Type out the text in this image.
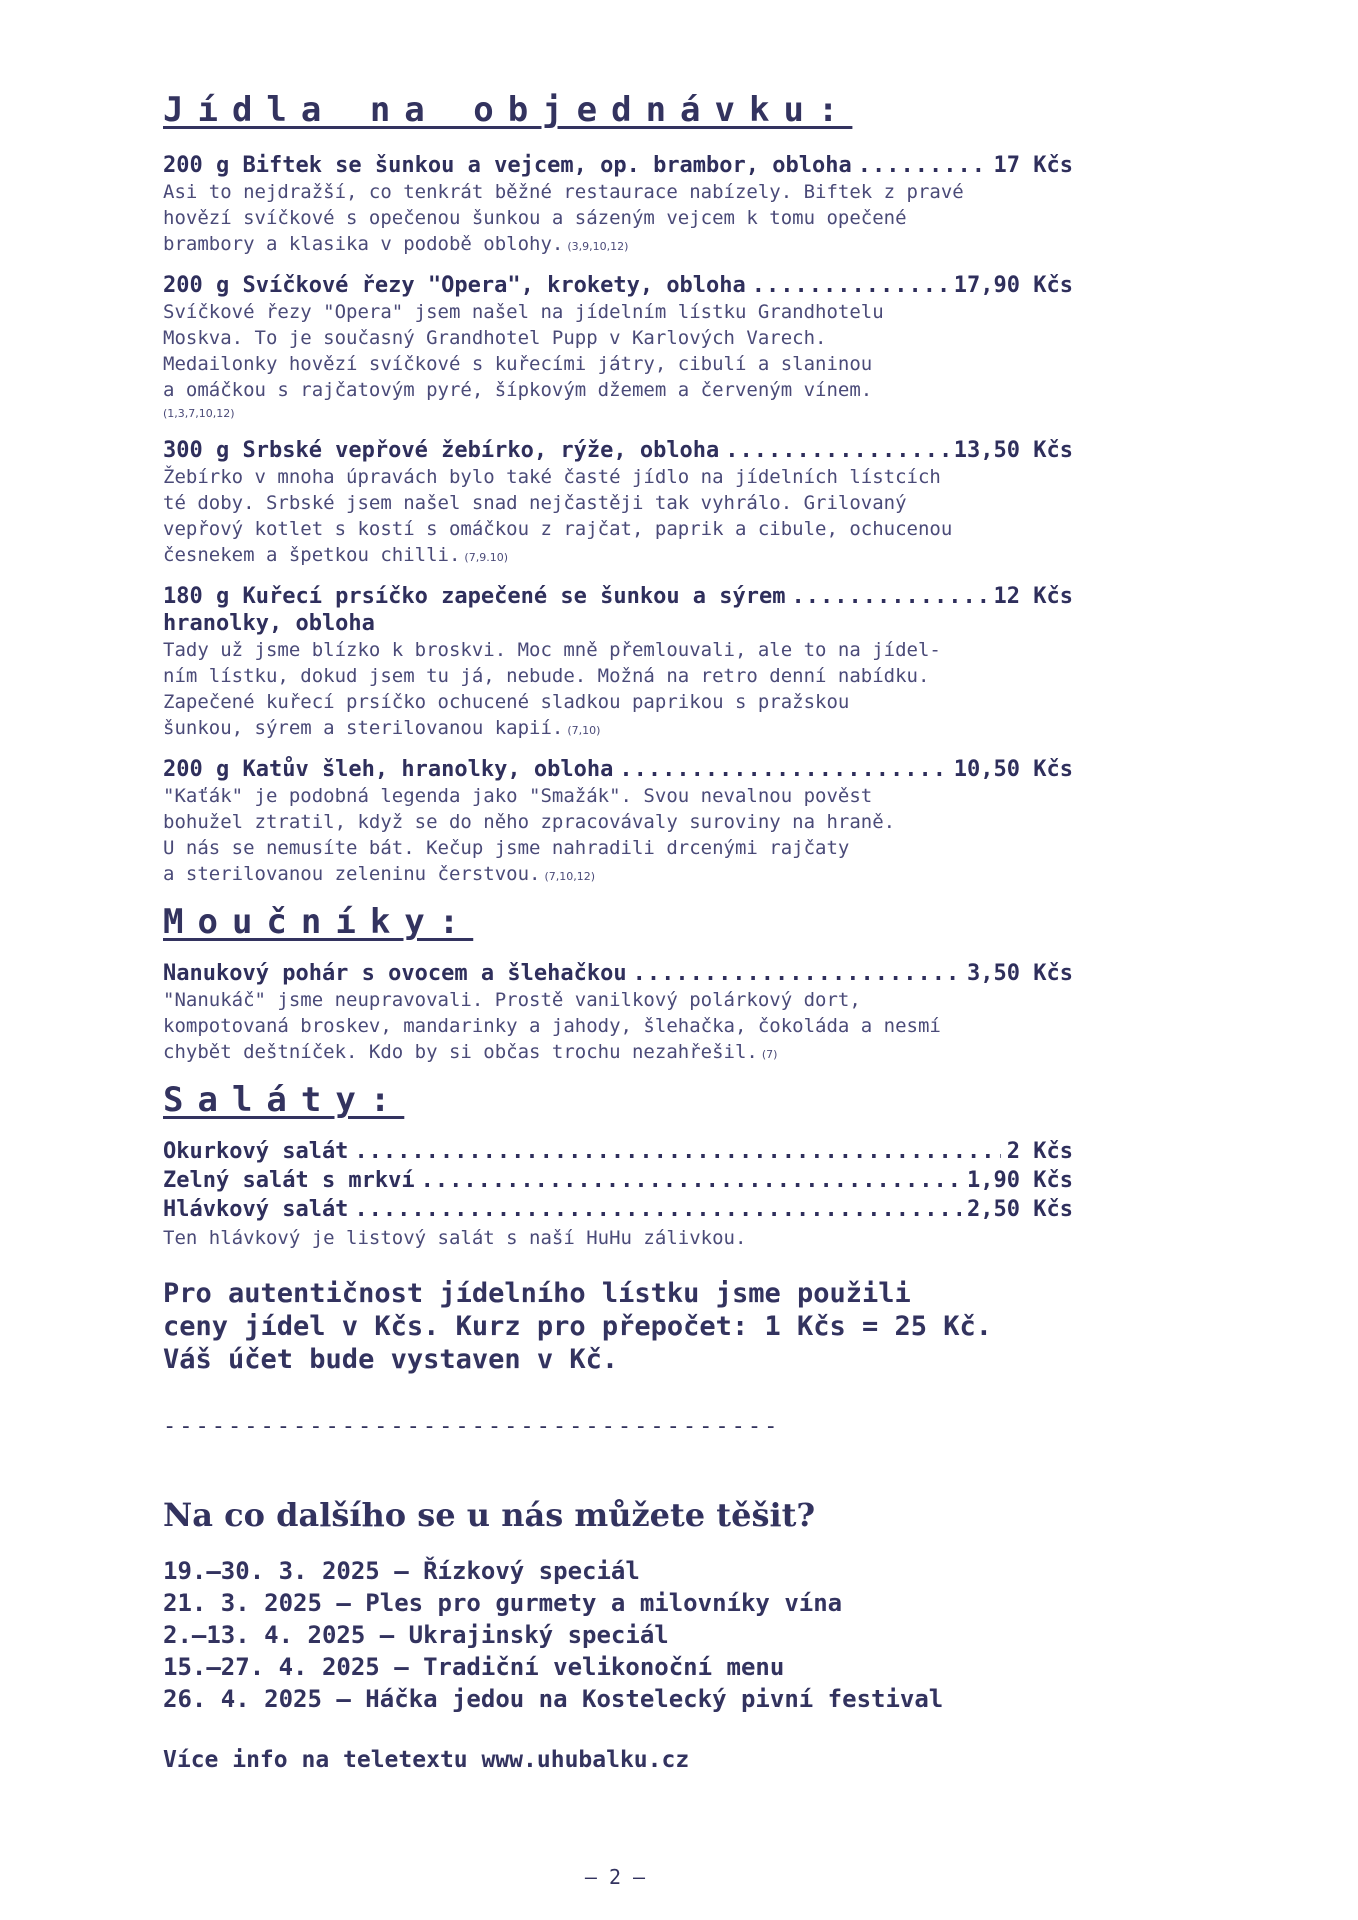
Jídla na objednávku:
200 g Biftek se šunkou a vejcem, op. brambor, obloha .....	17 Kčs
Asi to nejdražší, co tenkrát běžné restaurace nabízely. Biftek z pravé
hovězí svíčkové s opečenou šunkou a sázeným vejcem k tomu opečené
brambory a klasika v podobě oblohy. (3,9,10,12)
200 g Svíčkové řezy "Opera", krokety, obloha .....	17,90 Kčs
Svíčkové řezy "Opera" jsem našel na jídelním lístku Grandhotelu
Moskva. To je současný Grandhotel Pupp v Karlových Varech.
Medailonky hovězí svíčkové s kuřecími játry, cibulí a slaninou
a omáčkou s rajčatovým pyré, šípkovým džemem a červeným vínem.
(1,3,7,10,12)
300 g Srbské vepřové žebírko, rýže, obloha .....	13,50 Kčs
Žebírko v mnoha úpravách bylo také časté jídlo na jídelních lístcích
té doby. Srbské jsem našel snad nejčastěji tak vyhrálo. Grilovaný
vepřový kotlet s kostí s omáčkou z rajčat, paprik a cibule, ochucenou
česnekem a špetkou chilli. (7,9.10)
180 g Kuřecí prsíčko zapečené se šunkou a sýrem .....	12 Kčs
hranolky, obloha
Tady už jsme blízko k broskvi. Moc mně přemlouvali, ale to na jídel-
ním lístku, dokud jsem tu já, nebude. Možná na retro denní nabídku.
Zapečené kuřecí prsíčko ochucené sladkou paprikou s pražskou
šunkou, sýrem a sterilovanou kapií. (7,10)
200 g Katův šleh, hranolky, obloha .....	10,50 Kčs
"Kaťák" je podobná legenda jako "Smažák". Svou nevalnou pověst
bohužel ztratil, když se do něho zpracovávaly suroviny na hraně.
U nás se nemusíte bát. Kečup jsme nahradili drcenými rajčaty
a sterilovanou zeleninu čerstvou. (7,10,12)
Moučníky:
Nanukový pohár s ovocem a šlehačkou .....	3,50 Kčs
"Nanukáč" jsme neupravovali. Prostě vanilkový polárkový dort,
kompotovaná broskev, mandarinky a jahody, šlehačka, čokoláda a nesmí
chybět deštníček. Kdo by si občas trochu nezahřešil. (7)
Saláty:
Okurkový salát .....	2 Kčs
Zelný salát s mrkví .....	1,90 Kčs
Hlávkový salát .....	2,50 Kčs
Ten hlávkový je listový salát s naší HuHu zálivkou.
Pro autentičnost jídelního lístku jsme použili
ceny jídel v Kčs. Kurz pro přepočet: 1 Kčs = 25 Kč.
Váš účet bude vystaven v Kč.
--------------------------------------
Na co dalšího se u nás můžete těšit?
19.–30. 3. 2025 — Řízkový speciál
21. 3. 2025 — Ples pro gurmety a milovníky vína
2.–13. 4. 2025 — Ukrajinský speciál
15.–27. 4. 2025 — Tradiční velikonoční menu
26. 4. 2025 — Háčka jedou na Kostelecký pivní festival
Více info na teletextu www.uhubalku.cz
– 2 –
